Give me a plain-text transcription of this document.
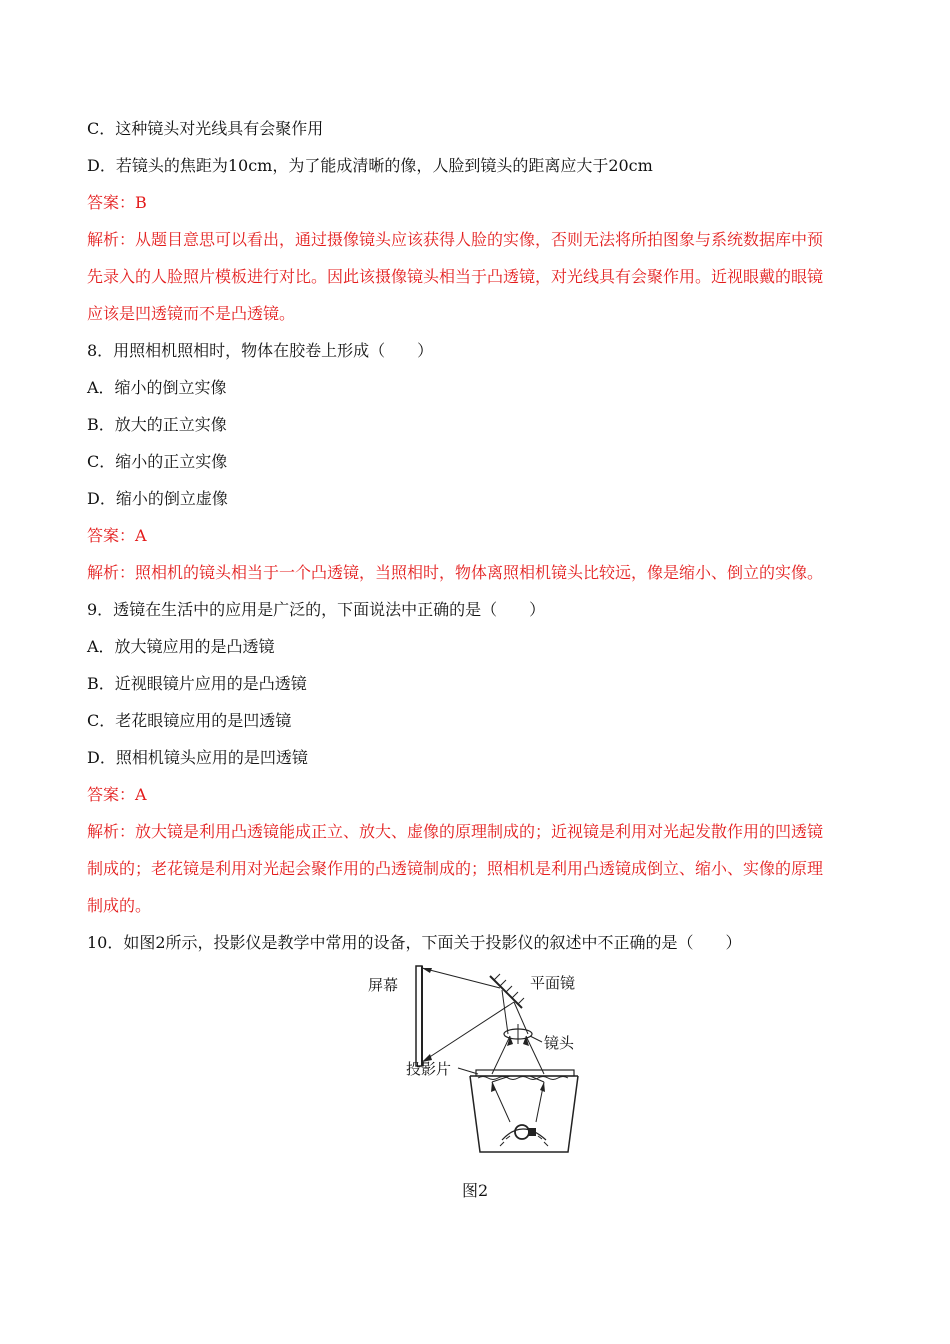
C．这种镜头对光线具有会聚作用
D．若镜头的焦距为10cm，为了能成清晰的像，人脸到镜头的距离应大于20cm
答案：B
解析：从题目意思可以看出，通过摄像镜头应该获得人脸的实像，否则无法将所拍图象与系统数据库中预
先录入的人脸照片模板进行对比。因此该摄像镜头相当于凸透镜，对光线具有会聚作用。近视眼戴的眼镜
应该是凹透镜而不是凸透镜。
8．用照相机照相时，物体在胶卷上形成（　　）
A．缩小的倒立实像
B．放大的正立实像
C．缩小的正立实像
D．缩小的倒立虚像
答案：A
解析：照相机的镜头相当于一个凸透镜，当照相时，物体离照相机镜头比较远，像是缩小、倒立的实像。
9．透镜在生活中的应用是广泛的，下面说法中正确的是（　　）
A．放大镜应用的是凸透镜
B．近视眼镜片应用的是凸透镜
C．老花眼镜应用的是凹透镜
D．照相机镜头应用的是凹透镜
答案：A
解析：放大镜是利用凸透镜能成正立、放大、虚像的原理制成的；近视镜是利用对光起发散作用的凹透镜
制成的；老花镜是利用对光起会聚作用的凸透镜制成的；照相机是利用凸透镜成倒立、缩小、实像的原理
制成的。
10．如图2所示，投影仪是教学中常用的设备，下面关于投影仪的叙述中不正确的是（　　）
屏幕	平面镜
镜头
投影片
图2
